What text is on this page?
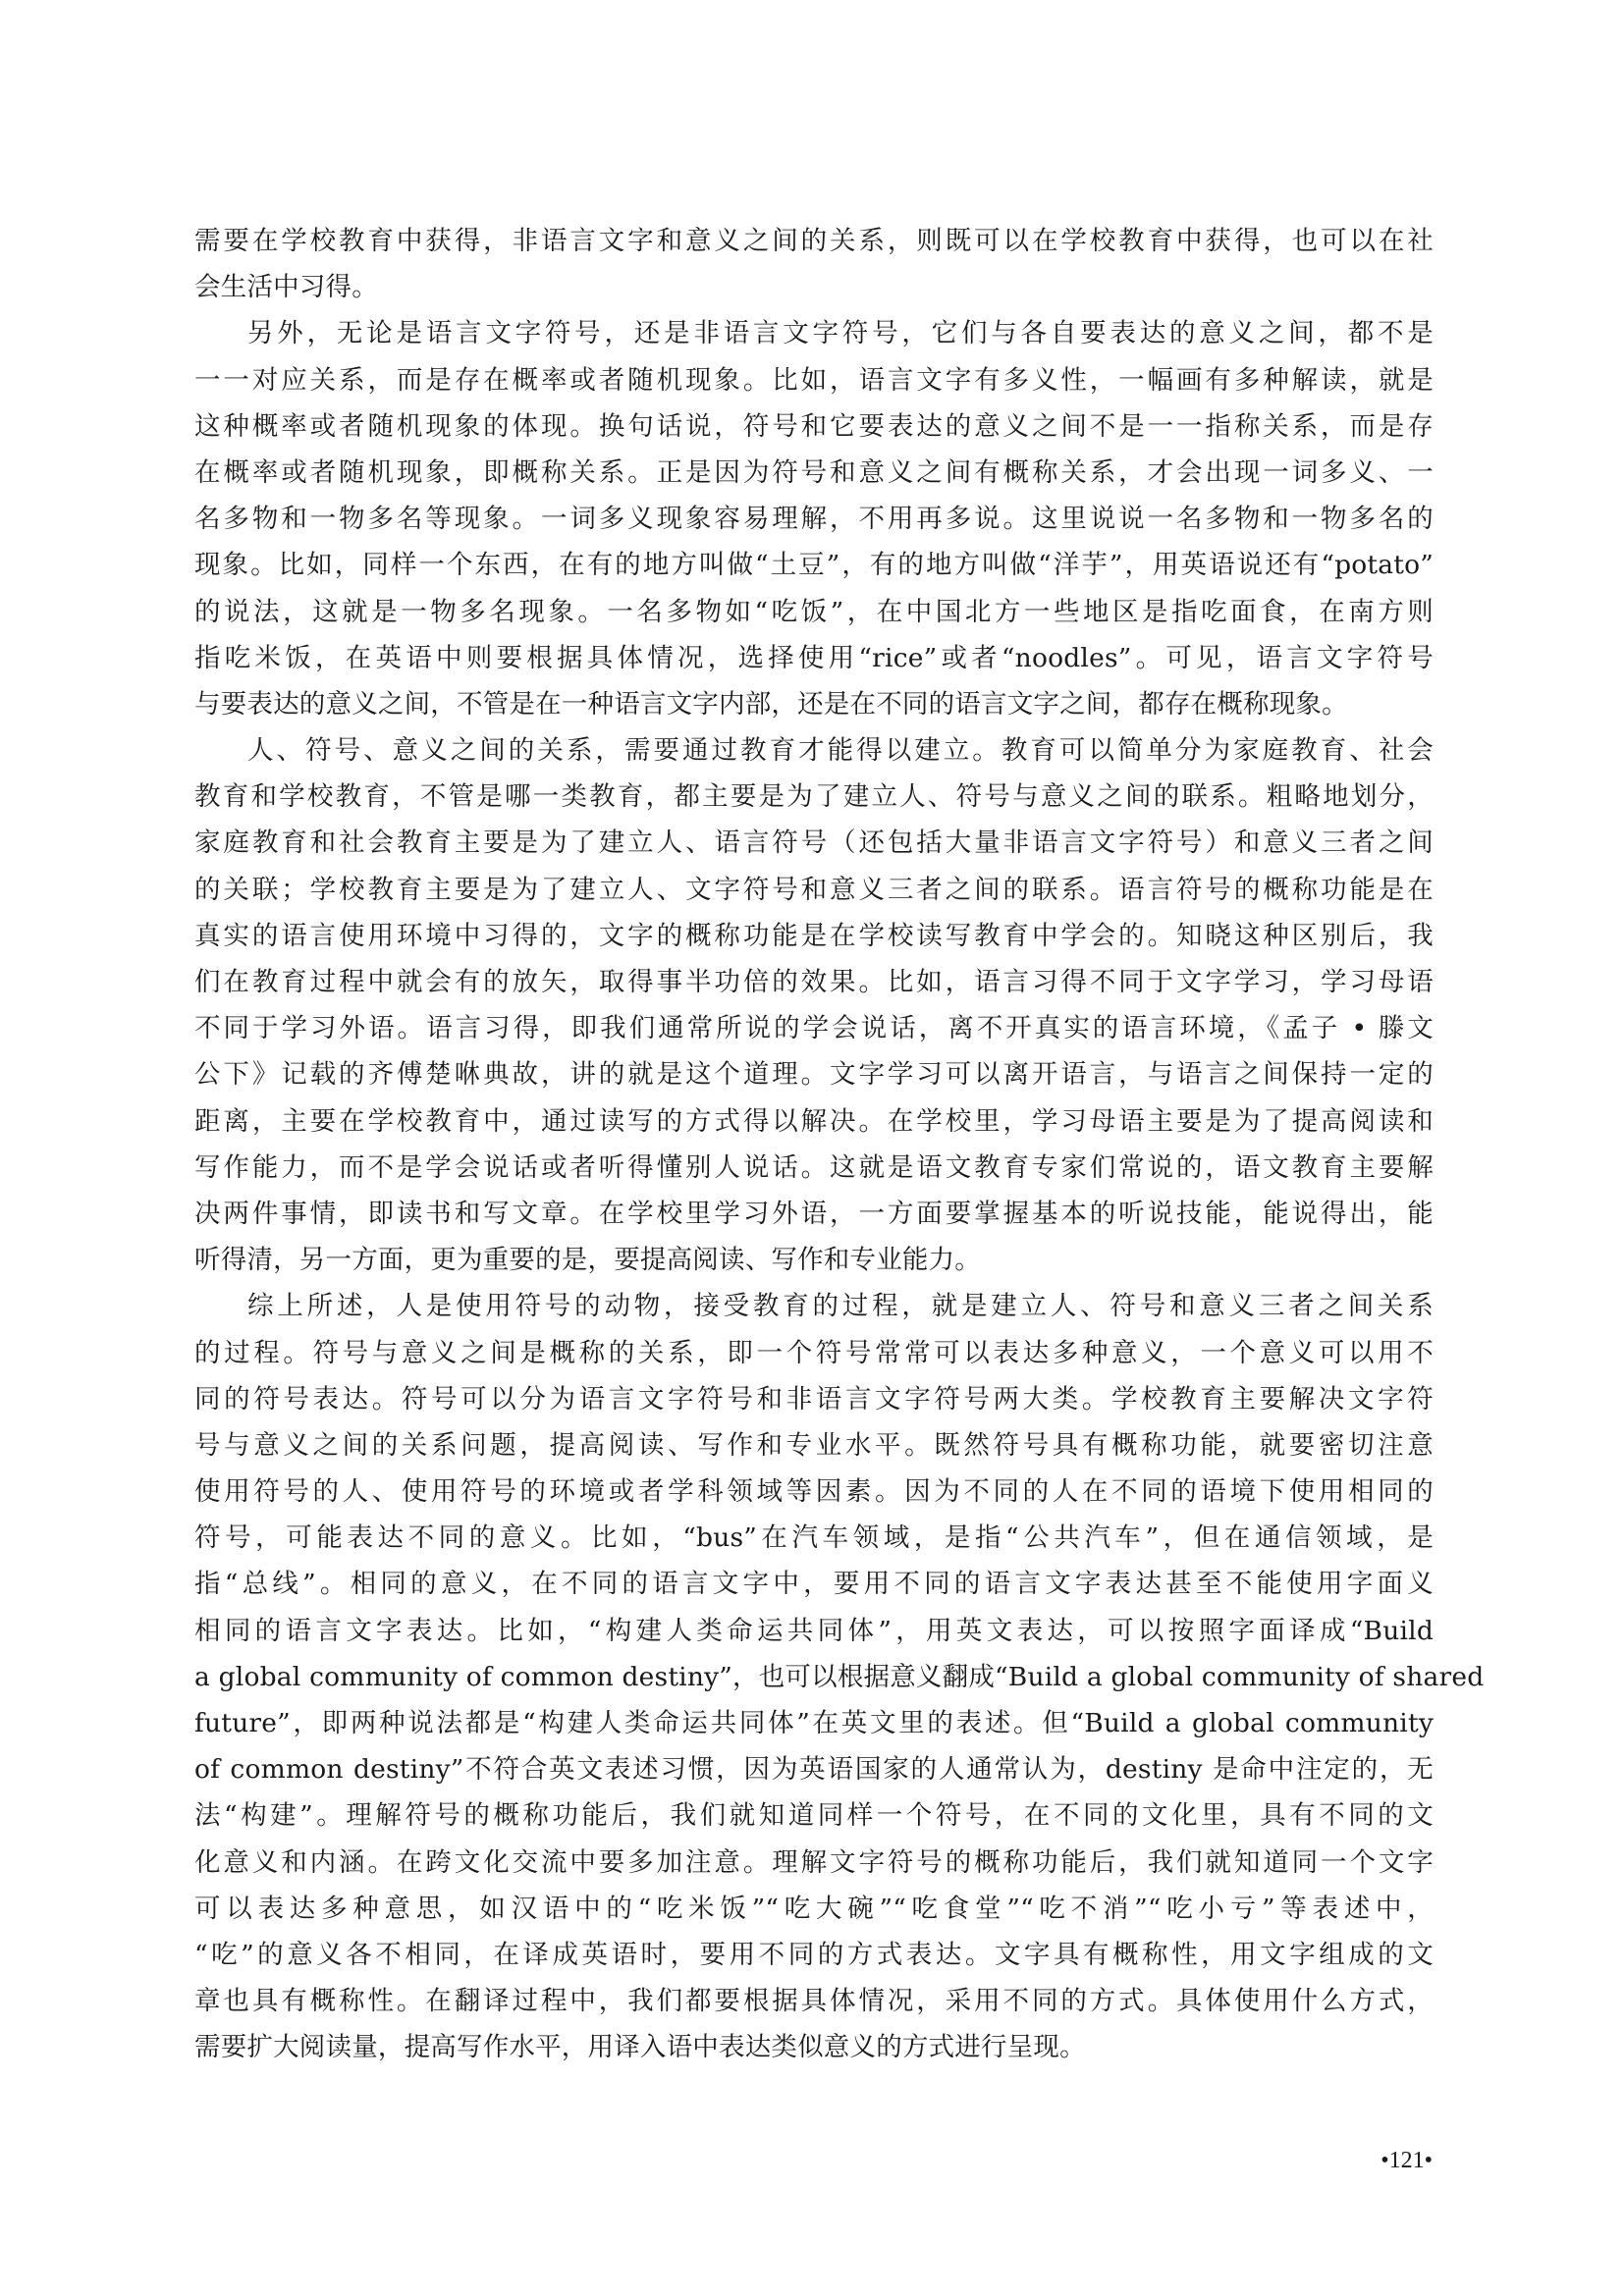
需要在学校教育中获得，非语言文字和意义之间的关系，则既可以在学校教育中获得，也可以在社
会生活中习得。
另外，无论是语言文字符号，还是非语言文字符号，它们与各自要表达的意义之间，都不是
一一对应关系，而是存在概率或者随机现象。比如，语言文字有多义性，一幅画有多种解读，就是
这种概率或者随机现象的体现。换句话说，符号和它要表达的意义之间不是一一指称关系，而是存
在概率或者随机现象，即概称关系。正是因为符号和意义之间有概称关系，才会出现一词多义、一
名多物和一物多名等现象。一词多义现象容易理解，不用再多说。这里说说一名多物和一物多名的
现象。比如，同样一个东西，在有的地方叫做“土豆”，有的地方叫做“洋芋”，用英语说还有“potato”
的说法，这就是一物多名现象。一名多物如“吃饭”，在中国北方一些地区是指吃面食，在南方则
指吃米饭，在英语中则要根据具体情况，选择使用“rice”或者“noodles”。可见，语言文字符号
与要表达的意义之间，不管是在一种语言文字内部，还是在不同的语言文字之间，都存在概称现象。
人、符号、意义之间的关系，需要通过教育才能得以建立。教育可以简单分为家庭教育、社会
教育和学校教育，不管是哪一类教育，都主要是为了建立人、符号与意义之间的联系。粗略地划分，
家庭教育和社会教育主要是为了建立人、语言符号（还包括大量非语言文字符号）和意义三者之间
的关联；学校教育主要是为了建立人、文字符号和意义三者之间的联系。语言符号的概称功能是在
真实的语言使用环境中习得的，文字的概称功能是在学校读写教育中学会的。知晓这种区别后，我
们在教育过程中就会有的放矢，取得事半功倍的效果。比如，语言习得不同于文字学习，学习母语
不同于学习外语。语言习得，即我们通常所说的学会说话，离不开真实的语言环境，《孟子 • 滕文
公下》记载的齐傅楚咻典故，讲的就是这个道理。文字学习可以离开语言，与语言之间保持一定的
距离，主要在学校教育中，通过读写的方式得以解决。在学校里，学习母语主要是为了提高阅读和
写作能力，而不是学会说话或者听得懂别人说话。这就是语文教育专家们常说的，语文教育主要解
决两件事情，即读书和写文章。在学校里学习外语，一方面要掌握基本的听说技能，能说得出，能
听得清，另一方面，更为重要的是，要提高阅读、写作和专业能力。
综上所述，人是使用符号的动物，接受教育的过程，就是建立人、符号和意义三者之间关系
的过程。符号与意义之间是概称的关系，即一个符号常常可以表达多种意义，一个意义可以用不
同的符号表达。符号可以分为语言文字符号和非语言文字符号两大类。学校教育主要解决文字符
号与意义之间的关系问题，提高阅读、写作和专业水平。既然符号具有概称功能，就要密切注意
使用符号的人、使用符号的环境或者学科领域等因素。因为不同的人在不同的语境下使用相同的
符号，可能表达不同的意义。比如，“bus”在汽车领域，是指“公共汽车”，但在通信领域，是
指“总线”。相同的意义，在不同的语言文字中，要用不同的语言文字表达甚至不能使用字面义
相同的语言文字表达。比如，“构建人类命运共同体”，用英文表达，可以按照字面译成“Build
a global community of common destiny”，也可以根据意义翻成“Build a global community of shared
future”，即两种说法都是“构建人类命运共同体”在英文里的表述。但“Build a global community
of common destiny”不符合英文表述习惯，因为英语国家的人通常认为，destiny 是命中注定的，无
法“构建”。理解符号的概称功能后，我们就知道同样一个符号，在不同的文化里，具有不同的文
化意义和内涵。在跨文化交流中要多加注意。理解文字符号的概称功能后，我们就知道同一个文字
可以表达多种意思，如汉语中的“吃米饭”“吃大碗”“吃食堂”“吃不消”“吃小亏”等表述中，
“吃”的意义各不相同，在译成英语时，要用不同的方式表达。文字具有概称性，用文字组成的文
章也具有概称性。在翻译过程中，我们都要根据具体情况，采用不同的方式。具体使用什么方式，
需要扩大阅读量，提高写作水平，用译入语中表达类似意义的方式进行呈现。
•121•
